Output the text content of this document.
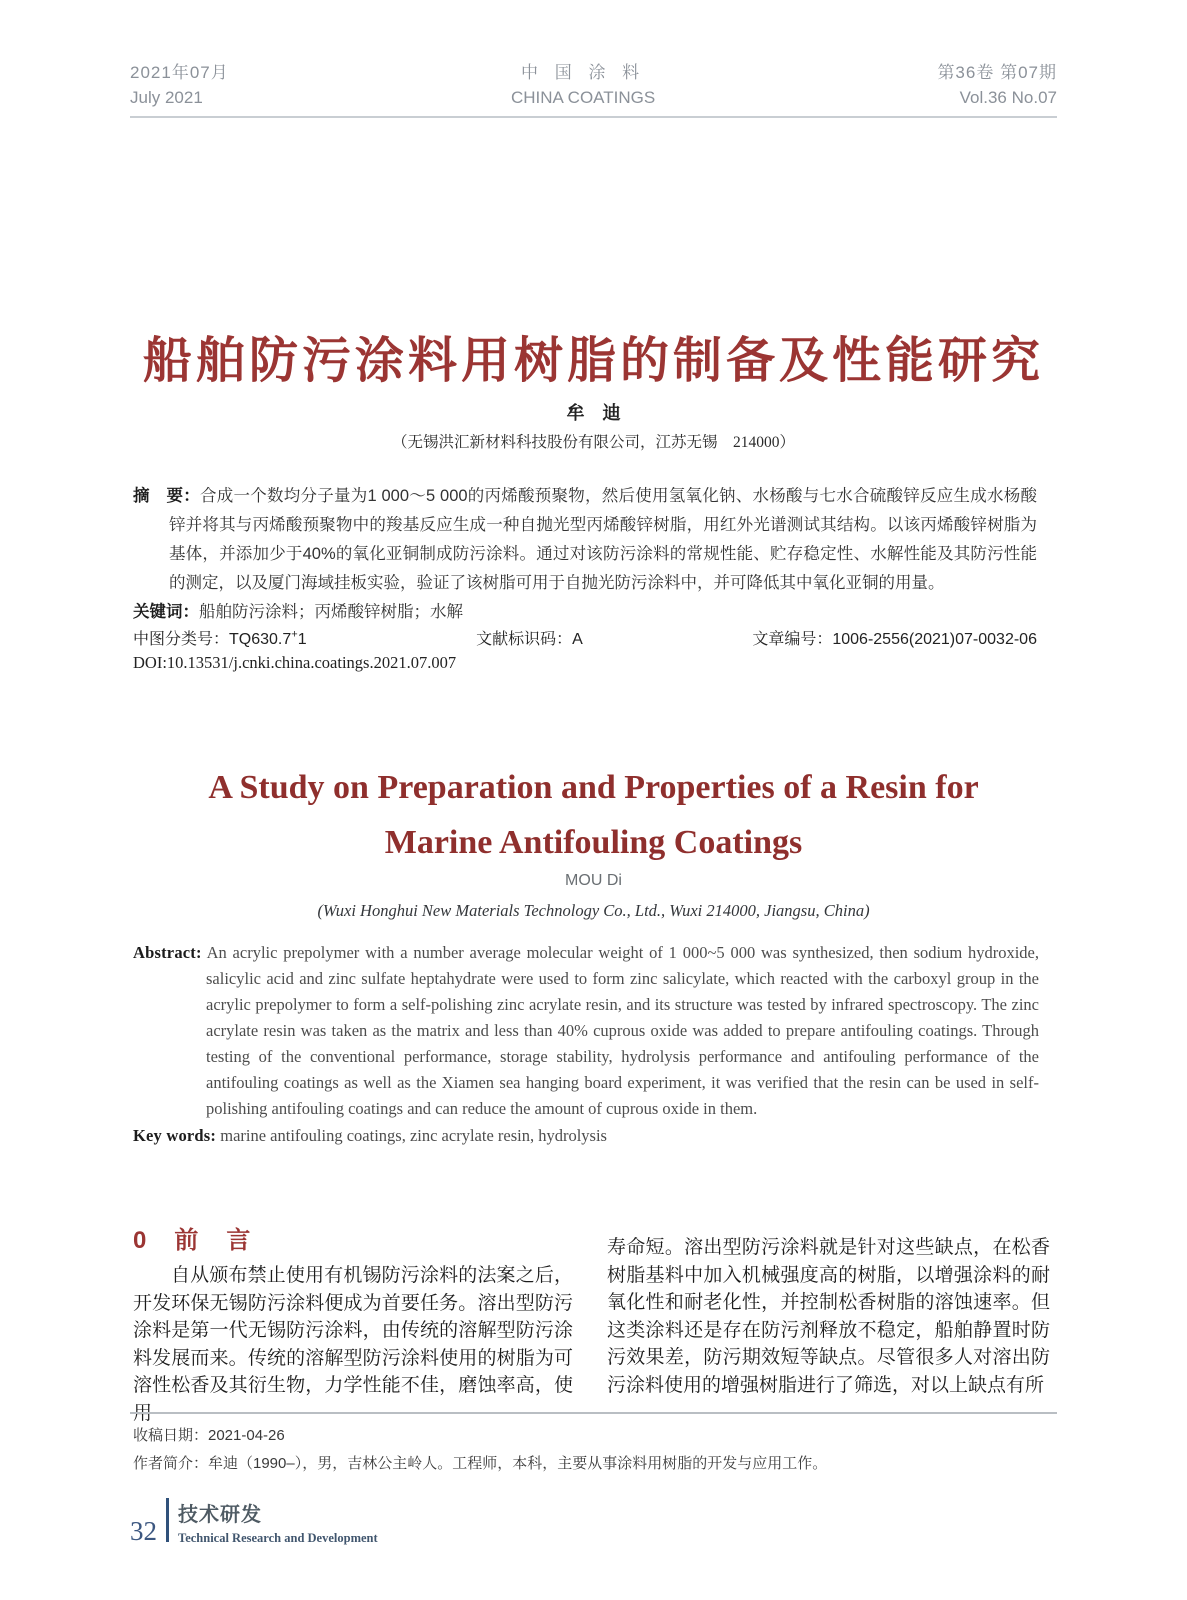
2021年07月
July 2021
中 国 涂 料
CHINA COATINGS
第36卷 第07期
Vol.36 No.07
船舶防污涂料用树脂的制备及性能研究
牟　迪
（无锡洪汇新材料科技股份有限公司，江苏无锡　214000）

摘　要：合成一个数均分子量为1 000～5 000的丙烯酸预聚物，然后使用氢氧化钠、水杨酸与七水合硫酸锌反应生成水杨酸锌并将其与丙烯酸预聚物中的羧基反应生成一种自抛光型丙烯酸锌树脂，用红外光谱测试其结构。以该丙烯酸锌树脂为基体，并添加少于40%的氧化亚铜制成防污涂料。通过对该防污涂料的常规性能、贮存稳定性、水解性能及其防污性能的测定，以及厦门海域挂板实验，验证了该树脂可用于自抛光防污涂料中，并可降低其中氧化亚铜的用量。

关键词：船舶防污涂料；丙烯酸锌树脂；水解

中图分类号：TQ630.7+1	文献标识码：A	文章编号：1006-2556(2021)07-0032-06
DOI:10.13531/j.cnki.china.coatings.2021.07.007
A Study on Preparation and Properties of a Resin for
Marine Antifouling Coatings
MOU Di
(Wuxi Honghui New Materials Technology Co., Ltd., Wuxi 214000, Jiangsu, China)

Abstract: An acrylic prepolymer with a number average molecular weight of 1 000~5 000 was synthesized, then sodium hydroxide, salicylic acid and zinc sulfate heptahydrate were used to form zinc salicylate, which reacted with the carboxyl group in the acrylic prepolymer to form a self-polishing zinc acrylate resin, and its structure was tested by infrared spectroscopy. The zinc acrylate resin was taken as the matrix and less than 40% cuprous oxide was added to prepare antifouling coatings. Through testing of the conventional performance, storage stability, hydrolysis performance and antifouling performance of the antifouling coatings as well as the Xiamen sea hanging board experiment, it was verified that the resin can be used in self-polishing antifouling coatings and can reduce the amount of cuprous oxide in them.

Key words: marine antifouling coatings, zinc acrylate resin, hydrolysis

0　前　言

自从颁布禁止使用有机锡防污涂料的法案之后，开发环保无锡防污涂料便成为首要任务。溶出型防污涂料是第一代无锡防污涂料，由传统的溶解型防污涂料发展而来。传统的溶解型防污涂料使用的树脂为可溶性松香及其衍生物，力学性能不佳，磨蚀率高，使用

寿命短。溶出型防污涂料就是针对这些缺点，在松香树脂基料中加入机械强度高的树脂，以增强涂料的耐氧化性和耐老化性，并控制松香树脂的溶蚀速率。但这类涂料还是存在防污剂释放不稳定，船舶静置时防污效果差，防污期效短等缺点。尽管很多人对溶出防污涂料使用的增强树脂进行了筛选，对以上缺点有所

收稿日期：2021-04-26
作者简介：牟迪（1990–），男，吉林公主岭人。工程师，本科，主要从事涂料用树脂的开发与应用工作。
32
技术研发
Technical Research and Development
